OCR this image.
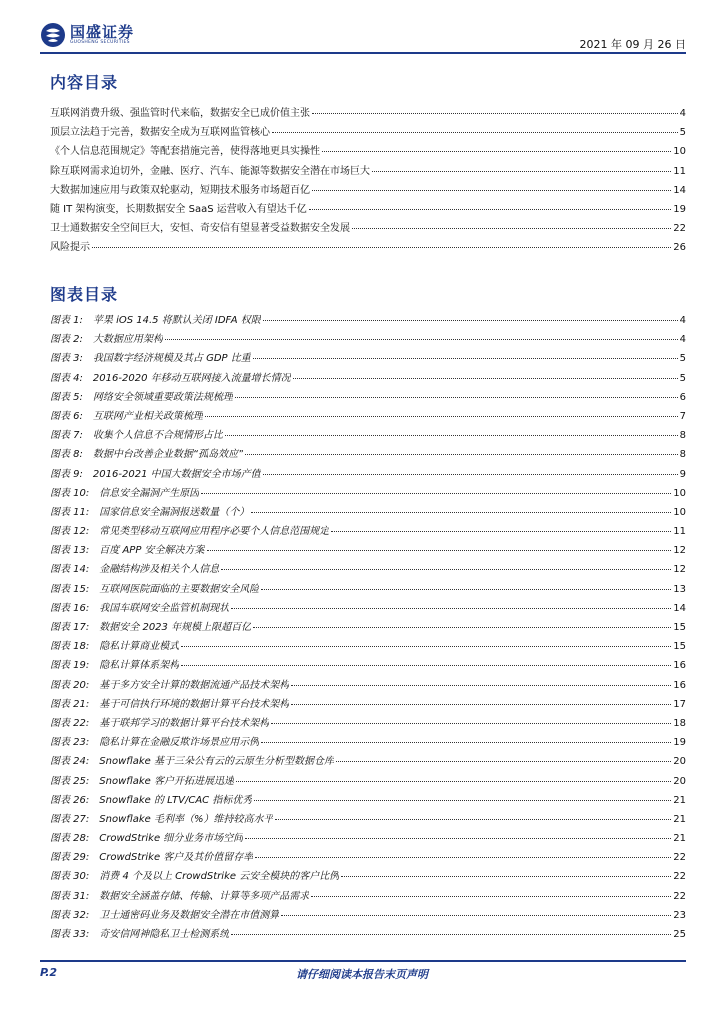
国盛证券
GUOSHENG SECURITIES	2021 年 09 月 26 日
内容目录
互联网消费升级、强监管时代来临，数据安全已成价值主张	4
顶层立法趋于完善，数据安全成为互联网监管核心	5
《个人信息范围规定》等配套措施完善，使得落地更具实操性	10
除互联网需求迫切外，金融、医疗、汽车、能源等数据安全潜在市场巨大	11
大数据加速应用与政策双轮驱动，短期技术服务市场超百亿	14
随 IT 架构演变，长期数据安全 SaaS 运营收入有望达千亿	19
卫士通数据安全空间巨大，安恒、奇安信有望显著受益数据安全发展	22
风险提示	26
图表目录
图表 1: 苹果 iOS 14.5 将默认关闭 IDFA 权限	4
图表 2: 大数据应用架构	4
图表 3: 我国数字经济规模及其占 GDP 比重	5
图表 4: 2016-2020 年移动互联网接入流量增长情况	5
图表 5: 网络安全领域重要政策法规梳理	6
图表 6: 互联网产业相关政策梳理	7
图表 7: 收集个人信息不合规情形占比	8
图表 8: 数据中台改善企业数据“孤岛效应”	8
图表 9: 2016-2021 中国大数据安全市场产值	9
图表 10: 信息安全漏洞产生原因	10
图表 11: 国家信息安全漏洞报送数量（个）	10
图表 12: 常见类型移动互联网应用程序必要个人信息范围规定	11
图表 13: 百度 APP 安全解决方案	12
图表 14: 金融结构涉及相关个人信息	12
图表 15: 互联网医院面临的主要数据安全风险	13
图表 16: 我国车联网安全监管机制现状	14
图表 17: 数据安全 2023 年规模上限超百亿	15
图表 18: 隐私计算商业模式	15
图表 19: 隐私计算体系架构	16
图表 20: 基于多方安全计算的数据流通产品技术架构	16
图表 21: 基于可信执行环境的数据计算平台技术架构	17
图表 22: 基于联邦学习的数据计算平台技术架构	18
图表 23: 隐私计算在金融反欺诈场景应用示例	19
图表 24: Snowflake 基于三朵公有云的云原生分析型数据仓库	20
图表 25: Snowflake 客户开拓进展迅速	20
图表 26: Snowflake 的 LTV/CAC 指标优秀	21
图表 27: Snowflake 毛利率（%）维持较高水平	21
图表 28: CrowdStrike 细分业务市场空间	21
图表 29: CrowdStrike 客户及其价值留存率	22
图表 30: 消费 4 个及以上 CrowdStrike 云安全模块的客户比例	22
图表 31: 数据安全涵盖存储、传输、计算等多项产品需求	22
图表 32: 卫士通密码业务及数据安全潜在市值测算	23
图表 33: 奇安信网神隐私卫士检测系统	25
P.2	请仔细阅读本报告末页声明
